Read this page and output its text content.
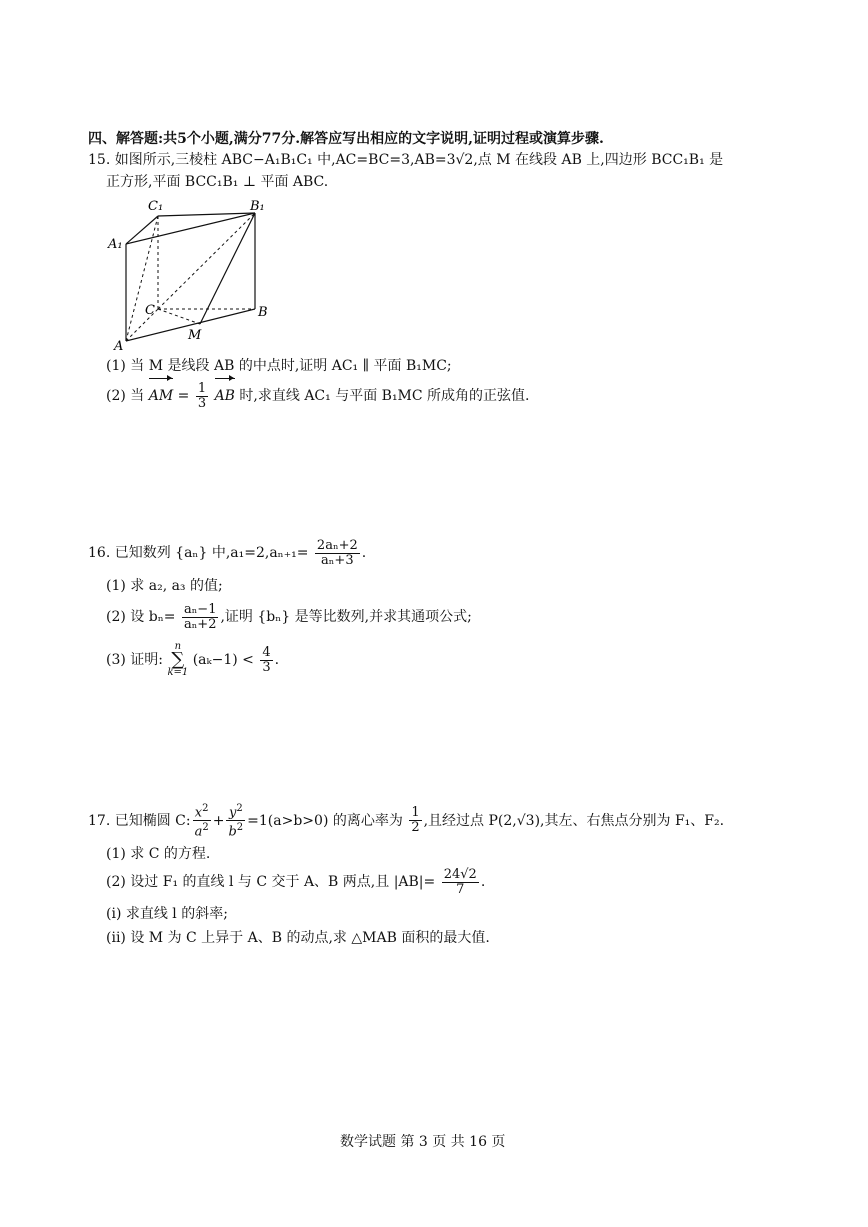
四、解答题:共5个小题,满分77分.解答应写出相应的文字说明,证明过程或演算步骤.
15. 如图所示,三棱柱 ABC−A₁B₁C₁ 中,AC=BC=3,AB=3√2,点 M 在线段 AB 上,四边形 BCC₁B₁ 是
正方形,平面 BCC₁B₁ ⊥ 平面 ABC.
C₁	B₁
A₁
C	B
M
A
(1) 当 M 是线段 AB 的中点时,证明 AC₁ ∥ 平面 B₁MC;
(2) 当 AM = $\frac{1}{3}$ AB 时,求直线 AC₁ 与平面 B₁MC 所成角的正弦值.
16. 已知数列 {aₙ} 中$,a_1=2,a_{n+1}= \frac{\text{2aₙ+2}}{\text{aₙ+3}}$ .
(1) 求 a₂, a₃ 的值;
(2) 设 $b_n= \frac{\text{aₙ−1}}{\text{aₙ+2}}$ ,证明 {bₙ} 是等比数列,并求其通项公式;
(3) 证明: n
∑
k=1 $(a_k-1) < \frac{4}{3}$ .
17. 已知椭圆 C: $\frac{x^2}{a^2} + \frac{y^2}{b^2} =1(a>b>0)$ 的离心率为 $\frac{1}{2}$ ,且经过点 P(2,√3),其左、右焦点分别为 F₁、F₂.
(1) 求 C 的方程.
(2) 设过 F₁ 的直线 l 与 C 交于 A、B 两点,且 $|AB|= \frac{24√2}{7}$ .
(i) 求直线 l 的斜率;
(ii) 设 M 为 C 上异于 A、B 的动点,求 △MAB 面积的最大值.
数学试题 第 3 页 共 16 页
